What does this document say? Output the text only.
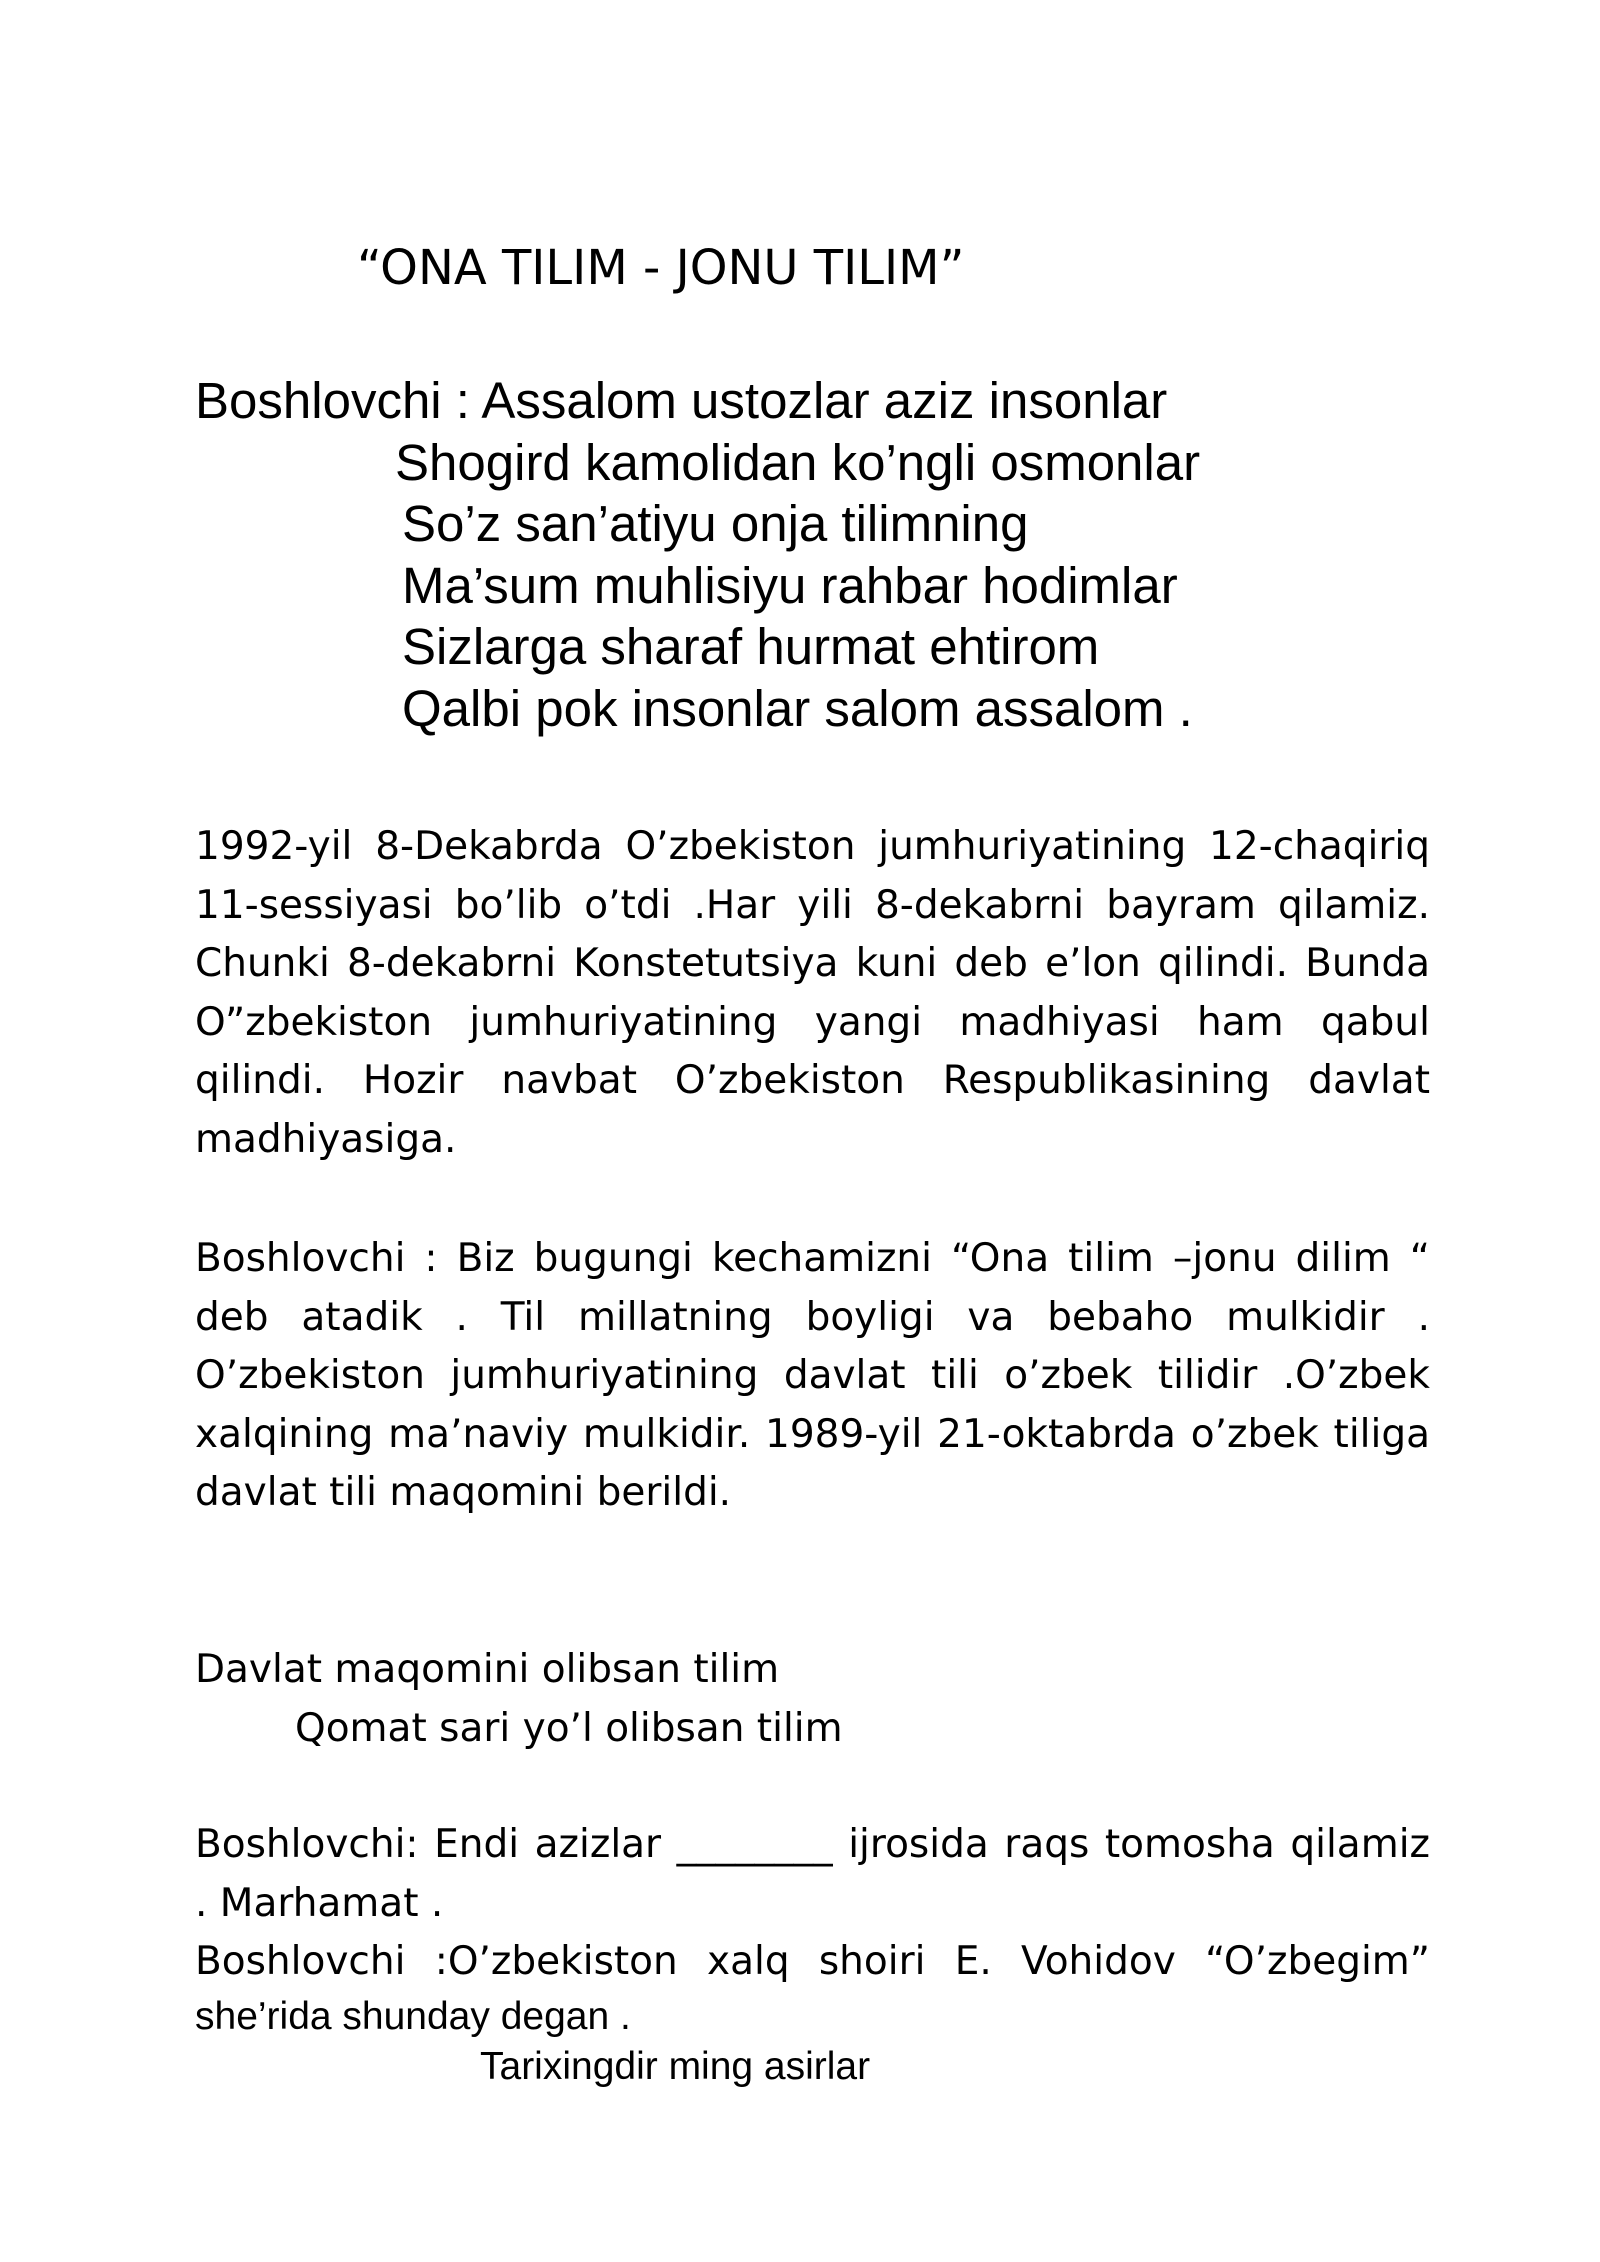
“ONA TILIM - JONU TILIM”
Boshlovchi : Assalom ustozlar aziz insonlar
Shogird kamolidan ko’ngli osmonlar
So’z san’atiyu onja tilimning
Ma’sum muhlisiyu rahbar hodimlar
Sizlarga sharaf hurmat ehtirom
Qalbi pok insonlar salom assalom .
1992-yil 8-Dekabrda O’zbekiston jumhuriyatining 12-chaqiriq 11-sessiyasi bo’lib o’tdi .Har yili 8-dekabrni bayram qilamiz. Chunki 8-dekabrni Konstetutsiya kuni deb e’lon qilindi. Bunda O”zbekiston jumhuriyatining yangi madhiyasi ham qabul qilindi. Hozir navbat O’zbekiston Respublikasining davlat madhiyasiga.
Boshlovchi : Biz bugungi kechamizni “Ona tilim –jonu dilim “ deb atadik . Til millatning boyligi va bebaho mulkidir . O’zbekiston jumhuriyatining davlat tili o’zbek tilidir .O’zbek xalqining ma’naviy mulkidir. 1989-yil 21-oktabrda o’zbek tiliga davlat tili maqomini berildi.
Davlat maqomini olibsan tilim
Qomat sari yo’l olibsan tilim
Boshlovchi: Endi azizlar ________ ijrosida raqs tomosha qilamiz . Marhamat .
Boshlovchi :O’zbekiston xalq shoiri E. Vohidov “O’zbegim”
she’rida shunday degan .
Tarixingdir ming asirlar
